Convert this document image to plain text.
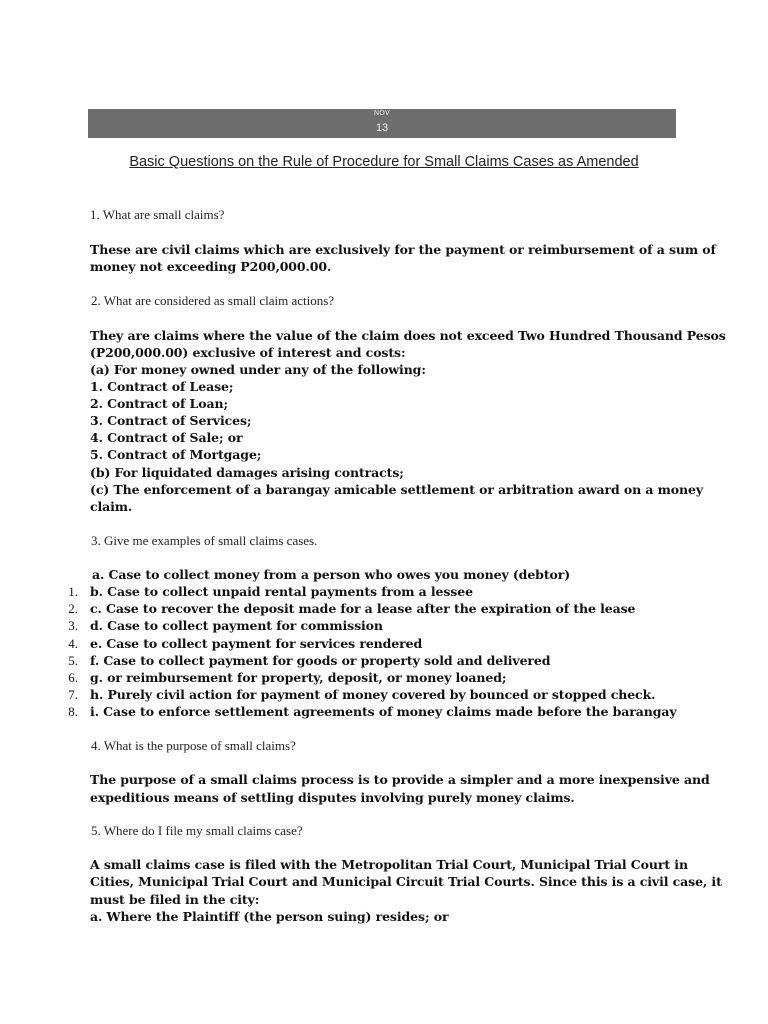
NOV
13
Basic Questions on the Rule of Procedure for Small Claims Cases as Amended

1. What are small claims?

These are civil claims which are exclusively for the payment or reimbursement of a sum of

money not exceeding P200,000.00.

2. What are considered as small claim actions?

They are claims where the value of the claim does not exceed Two Hundred Thousand Pesos

(P200,000.00) exclusive of interest and costs:

(a) For money owned under any of the following:

1. Contract of Lease;

2. Contract of Loan;

3. Contract of Services;

4. Contract of Sale; or

5. Contract of Mortgage;

(b) For liquidated damages arising contracts;

(c) The enforcement of a barangay amicable settlement or arbitration award on a money

claim.

3. Give me examples of small claims cases.

a. Case to collect money from a person who owes you money (debtor)

1. b. Case to collect unpaid rental payments from a lessee

2. c. Case to recover the deposit made for a lease after the expiration of the lease

3. d. Case to collect payment for commission

4. e. Case to collect payment for services rendered

5. f. Case to collect payment for goods or property sold and delivered

6. g. or reimbursement for property, deposit, or money loaned;

7. h. Purely civil action for payment of money covered by bounced or stopped check.

8. i. Case to enforce settlement agreements of money claims made before the barangay

4. What is the purpose of small claims?

The purpose of a small claims process is to provide a simpler and a more inexpensive and

expeditious means of settling disputes involving purely money claims.

5. Where do I file my small claims case?

A small claims case is filed with the Metropolitan Trial Court, Municipal Trial Court in

Cities, Municipal Trial Court and Municipal Circuit Trial Courts. Since this is a civil case, it

must be filed in the city:

a. Where the Plaintiff (the person suing) resides; or
